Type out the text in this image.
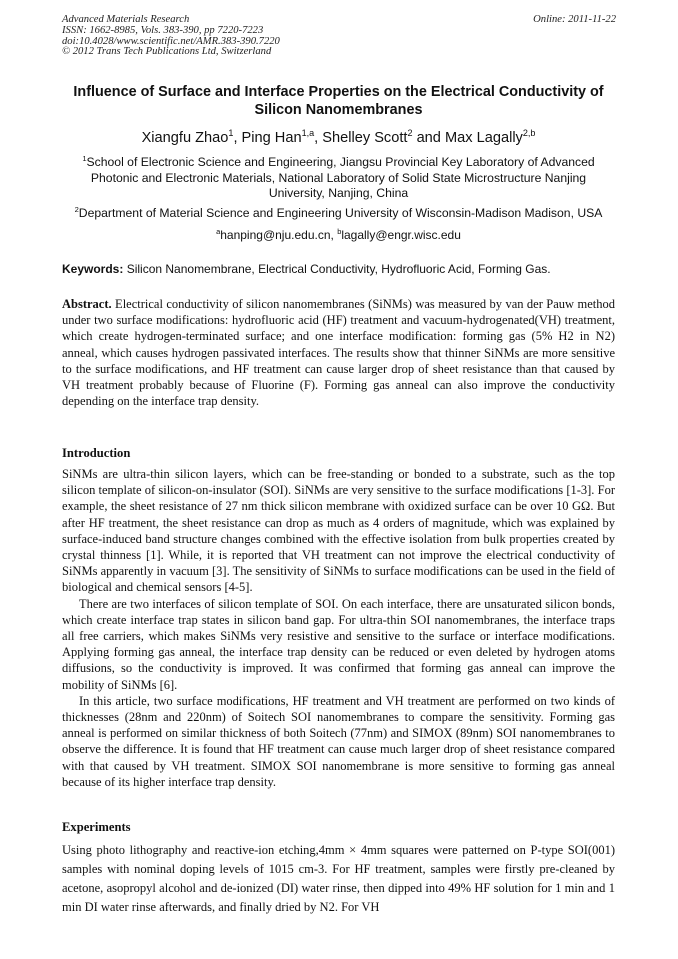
Advanced Materials Research
ISSN: 1662-8985, Vols. 383-390, pp 7220-7223
doi:10.4028/www.scientific.net/AMR.383-390.7220
© 2012 Trans Tech Publications Ltd, Switzerland
Online: 2011-11-22
Influence of Surface and Interface Properties on the Electrical Conductivity of Silicon Nanomembranes
Xiangfu Zhao$^1$, Ping Han$^{1,a}$, Shelley Scott$^2$ and Max Lagally$^{2,b}$
$^1$School of Electronic Science and Engineering, Jiangsu Provincial Key Laboratory of Advanced Photonic and Electronic Materials, National Laboratory of Solid State Microstructure Nanjing University, Nanjing, China
$^2$Department of Material Science and Engineering University of Wisconsin-Madison Madison, USA
$^a$hanping@nju.edu.cn, $^b$lagally@engr.wisc.edu
Keywords: Silicon Nanomembrane, Electrical Conductivity, Hydrofluoric Acid, Forming Gas.
Abstract. Electrical conductivity of silicon nanomembranes (SiNMs) was measured by van der Pauw method under two surface modifications: hydrofluoric acid (HF) treatment and vacuum-hydrogenated(VH) treatment, which create hydrogen-terminated surface; and one interface modification: forming gas (5% H2 in N2) anneal, which causes hydrogen passivated interfaces. The results show that thinner SiNMs are more sensitive to the surface modifications, and HF treatment can cause larger drop of sheet resistance than that caused by VH treatment probably because of Fluorine (F). Forming gas anneal can also improve the conductivity depending on the interface trap density.
Introduction

SiNMs are ultra-thin silicon layers, which can be free-standing or bonded to a substrate, such as the top silicon template of silicon-on-insulator (SOI). SiNMs are very sensitive to the surface modifications [1-3]. For example, the sheet resistance of 27 nm thick silicon membrane with oxidized surface can be over 10 GΩ. But after HF treatment, the sheet resistance can drop as much as 4 orders of magnitude, which was explained by surface-induced band structure changes combined with the effective isolation from bulk properties created by crystal thinness [1]. While, it is reported that VH treatment can not improve the electrical conductivity of SiNMs apparently in vacuum [3]. The sensitivity of SiNMs to surface modifications can be used in the field of biological and chemical sensors [4-5].

There are two interfaces of silicon template of SOI. On each interface, there are unsaturated silicon bonds, which create interface trap states in silicon band gap. For ultra-thin SOI nanomembranes, the interface traps all free carriers, which makes SiNMs very resistive and sensitive to the surface or interface modifications. Applying forming gas anneal, the interface trap density can be reduced or even deleted by hydrogen atoms diffusions, so the conductivity is improved. It was confirmed that forming gas anneal can improve the mobility of SiNMs [6].

In this article, two surface modifications, HF treatment and VH treatment are performed on two kinds of thicknesses (28nm and 220nm) of Soitech SOI nanomembranes to compare the sensitivity. Forming gas anneal is performed on similar thickness of both Soitech (77nm) and SIMOX (89nm) SOI nanomembranes to observe the difference. It is found that HF treatment can cause much larger drop of sheet resistance compared with that caused by VH treatment. SIMOX SOI nanomembrane is more sensitive to forming gas anneal because of its higher interface trap density.

Experiments
Using photo lithography and reactive-ion etching,4mm × 4mm squares were patterned on P-type SOI(001) samples with nominal doping levels of 1015 cm-3. For HF treatment, samples were firstly pre-cleaned by acetone, asopropyl alcohol and de-ionized (DI) water rinse, then dipped into 49% HF solution for 1 min and 1 min DI water rinse afterwards, and finally dried by N2. For VH
